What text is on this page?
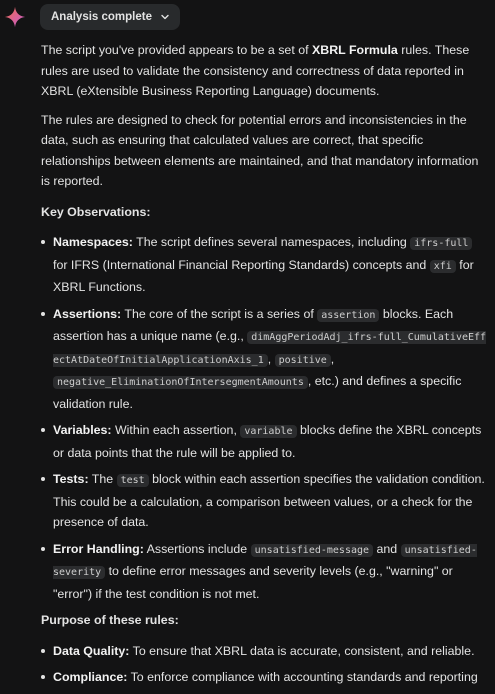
Analysis complete

The script you've provided appears to be a set of XBRL Formula rules. These rules are used to validate the consistency and correctness of data reported in XBRL (eXtensible Business Reporting Language) documents.

The rules are designed to check for potential errors and inconsistencies in the data, such as ensuring that calculated values are correct, that specific relationships between elements are maintained, and that mandatory information is reported.

Key Observations:
Namespaces: The script defines several namespaces, including ifrs-full for IFRS (International Financial Reporting Standards) concepts and xfi for XBRL Functions.
Assertions: The core of the script is a series of assertion blocks. Each assertion has a unique name (e.g., dimAggPeriodAdj_ifrs-full_CumulativeEffectAtDateOfInitialApplicationAxis_1 , positive , negative_EliminationOfIntersegmentAmounts , etc.) and defines a specific validation rule.
Variables: Within each assertion, variable blocks define the XBRL concepts or data points that the rule will be applied to.
Tests: The test block within each assertion specifies the validation condition. This could be a calculation, a comparison between values, or a check for the presence of data.
Error Handling: Assertions include unsatisfied-message and unsatisfied-severity to define error messages and severity levels (e.g., "warning" or "error") if the test condition is not met.
Purpose of these rules:
Data Quality: To ensure that XBRL data is accurate, consistent, and reliable.
Compliance: To enforce compliance with accounting standards and reporting
